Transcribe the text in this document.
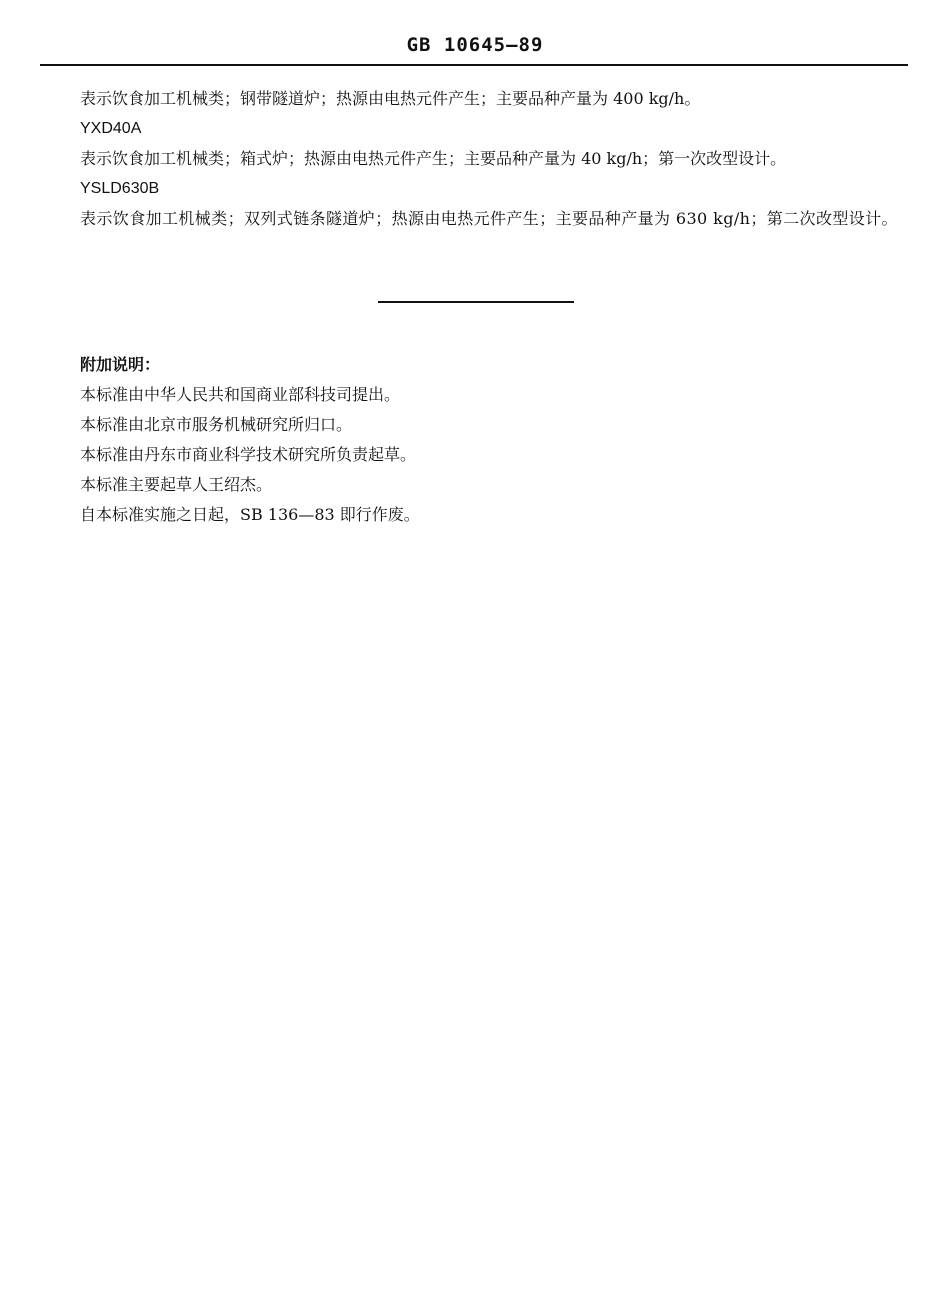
GB 10645—89

表示饮食加工机械类；钢带隧道炉；热源由电热元件产生；主要品种产量为 400 kg/h。

YXD40A

表示饮食加工机械类；箱式炉；热源由电热元件产生；主要品种产量为 40 kg/h；第一次改型设计。

YSLD630B

表示饮食加工机械类；双列式链条隧道炉；热源由电热元件产生；主要品种产量为 630 kg/h；第二次改型设计。

附加说明：

本标准由中华人民共和国商业部科技司提出。

本标准由北京市服务机械研究所归口。

本标准由丹东市商业科学技术研究所负责起草。

本标准主要起草人王绍杰。

自本标准实施之日起，SB 136—83 即行作废。
